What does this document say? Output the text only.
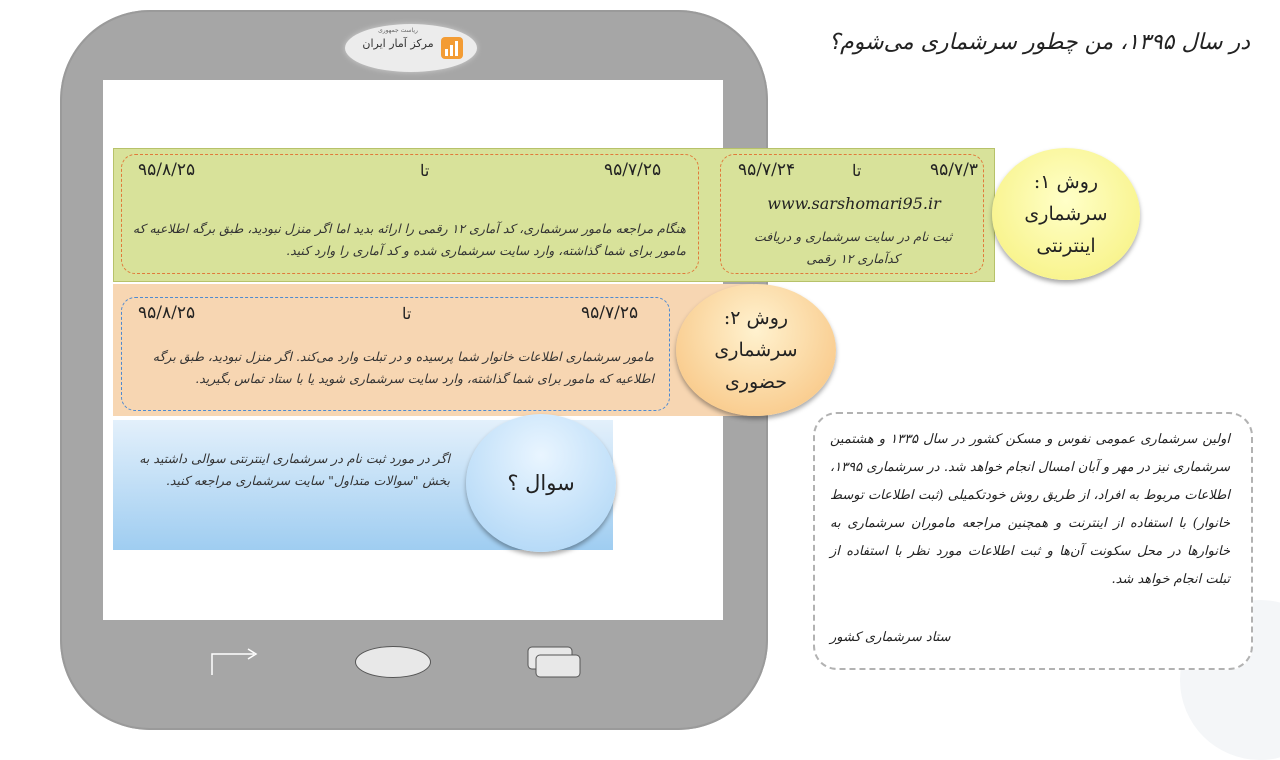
ریاست جمهوری
مرکز آمار ایران	در سال ۱۳۹۵، من چطور سرشماری می‌شوم؟
۹۵/۸/۲۵	تا	۹۵/۷/۲۵
هنگام مراجعه مامور سرشماری، کد آماری ۱۲ رقمی را ارائه بدید اما اگر منزل نبودید، طبق برگه اطلاعیه که مامور برای شما گذاشته، وارد سایت سرشماری شده و کد آماری را وارد کنید.
۹۵/۷/۲۴	تا	۹۵/۷/۳
www.sarshomari95.ir
ثبت نام در سایت سرشماری و دریافت کدآماری ۱۲ رقمی
روش ۱:
سرشماری
اینترنتی
۹۵/۸/۲۵	تا	۹۵/۷/۲۵
مامور سرشماری اطلاعات خانوار شما پرسیده و در تبلت وارد می‌کند. اگر منزل نبودید، طبق برگه اطلاعیه که مامور برای شما گذاشته، وارد سایت سرشماری شوید یا با ستاد تماس بگیرید.
روش ۲:
سرشماری
حضوری
اگر در مورد ثبت نام در سرشماری اینترنتی سوالی داشتید به بخش "سوالات متداول" سایت سرشماری مراجعه کنید.	سوال ؟
اولین سرشماری عمومی نفوس و مسکن کشور در سال ۱۳۳۵ و هشتمین سرشماری نیز در مهر و آبان امسال انجام خواهد شد. در سرشماری ۱۳۹۵، اطلاعات مربوط به افراد، از طریق روش خودتکمیلی (ثبت اطلاعات توسط خانوار) با استفاده از اینترنت و همچنین مراجعه ماموران سرشماری به خانوارها در محل سکونت آن‌ها و ثبت اطلاعات مورد نظر با استفاده از تبلت انجام خواهد شد.
ستاد سرشماری کشور
